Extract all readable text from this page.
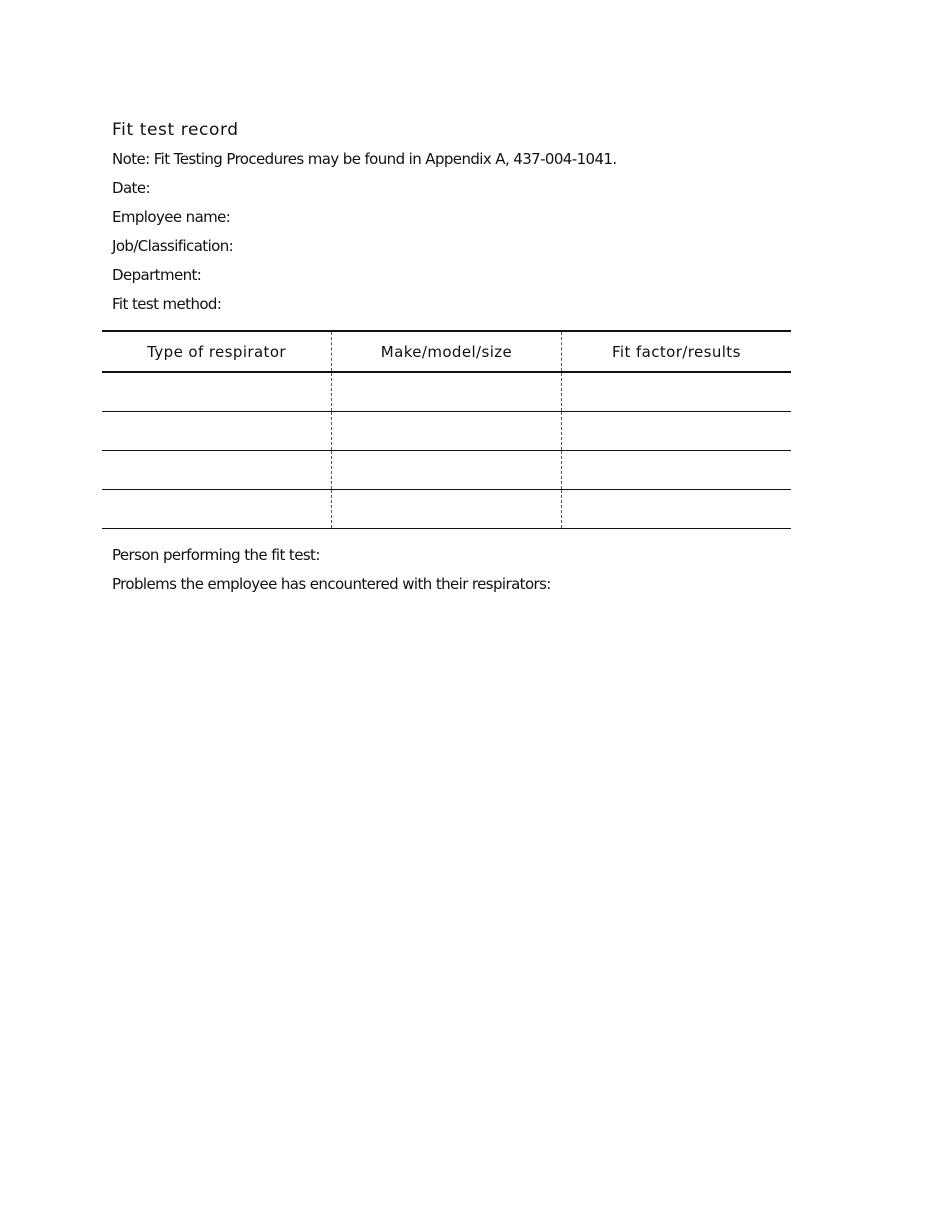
Fit test record

Note: Fit Testing Procedures may be found in Appendix A, 437-004-1041.

Date:

Employee name:

Job/Classification:

Department:

Fit test method:

Type of respirator	Make/model/size	Fit factor/results

Person performing the fit test:

Problems the employee has encountered with their respirators:
